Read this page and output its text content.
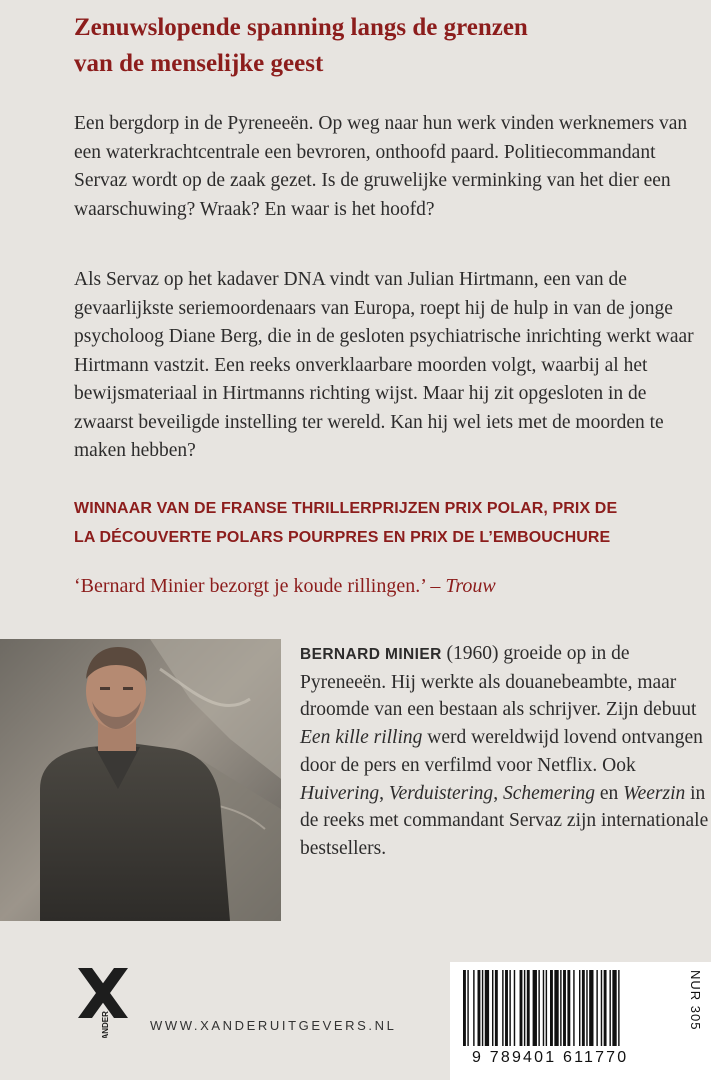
Zenuwslopende spanning langs de grenzen
van de menselijke geest

Een bergdorp in de Pyreneeën. Op weg naar hun werk vinden werknemers van een waterkrachtcentrale een bevroren, onthoofd paard. Politiecommandant Servaz wordt op de zaak gezet. Is de gruwelijke verminking van het dier een waarschuwing? Wraak? En waar is het hoofd?

Als Servaz op het kadaver DNA vindt van Julian Hirtmann, een van de gevaarlijkste seriemoordenaars van Europa, roept hij de hulp in van de jonge psycholoog Diane Berg, die in de gesloten psychiatrische inrichting werkt waar Hirtmann vastzit. Een reeks onverklaarbare moorden volgt, waarbij al het bewijsmateriaal in Hirtmanns richting wijst. Maar hij zit opgesloten in de zwaarst beveiligde instelling ter wereld. Kan hij wel iets met de moorden te maken hebben?

WINNAAR VAN DE FRANSE THRILLERPRIJZEN PRIX POLAR, PRIX DE
LA DÉCOUVERTE POLARS POURPRES EN PRIX DE L’EMBOUCHURE

‘Bernard Minier bezorgt je koude rillingen.’ – Trouw

BERNARD MINIER (1960) groeide op in de Pyreneeën. Hij werkte als douanebeambte, maar droomde van een bestaan als schrijver. Zijn debuut Een kille rilling werd wereldwijd lovend ontvangen door de pers en verfilmd voor Netflix. Ook Huivering, Verduistering, Schemering en Weerzin in de reeks met commandant Servaz zijn internationale bestsellers.

XANDER	WWW.XANDERUITGEVERS.NL
9 789401 611770
NUR 305
